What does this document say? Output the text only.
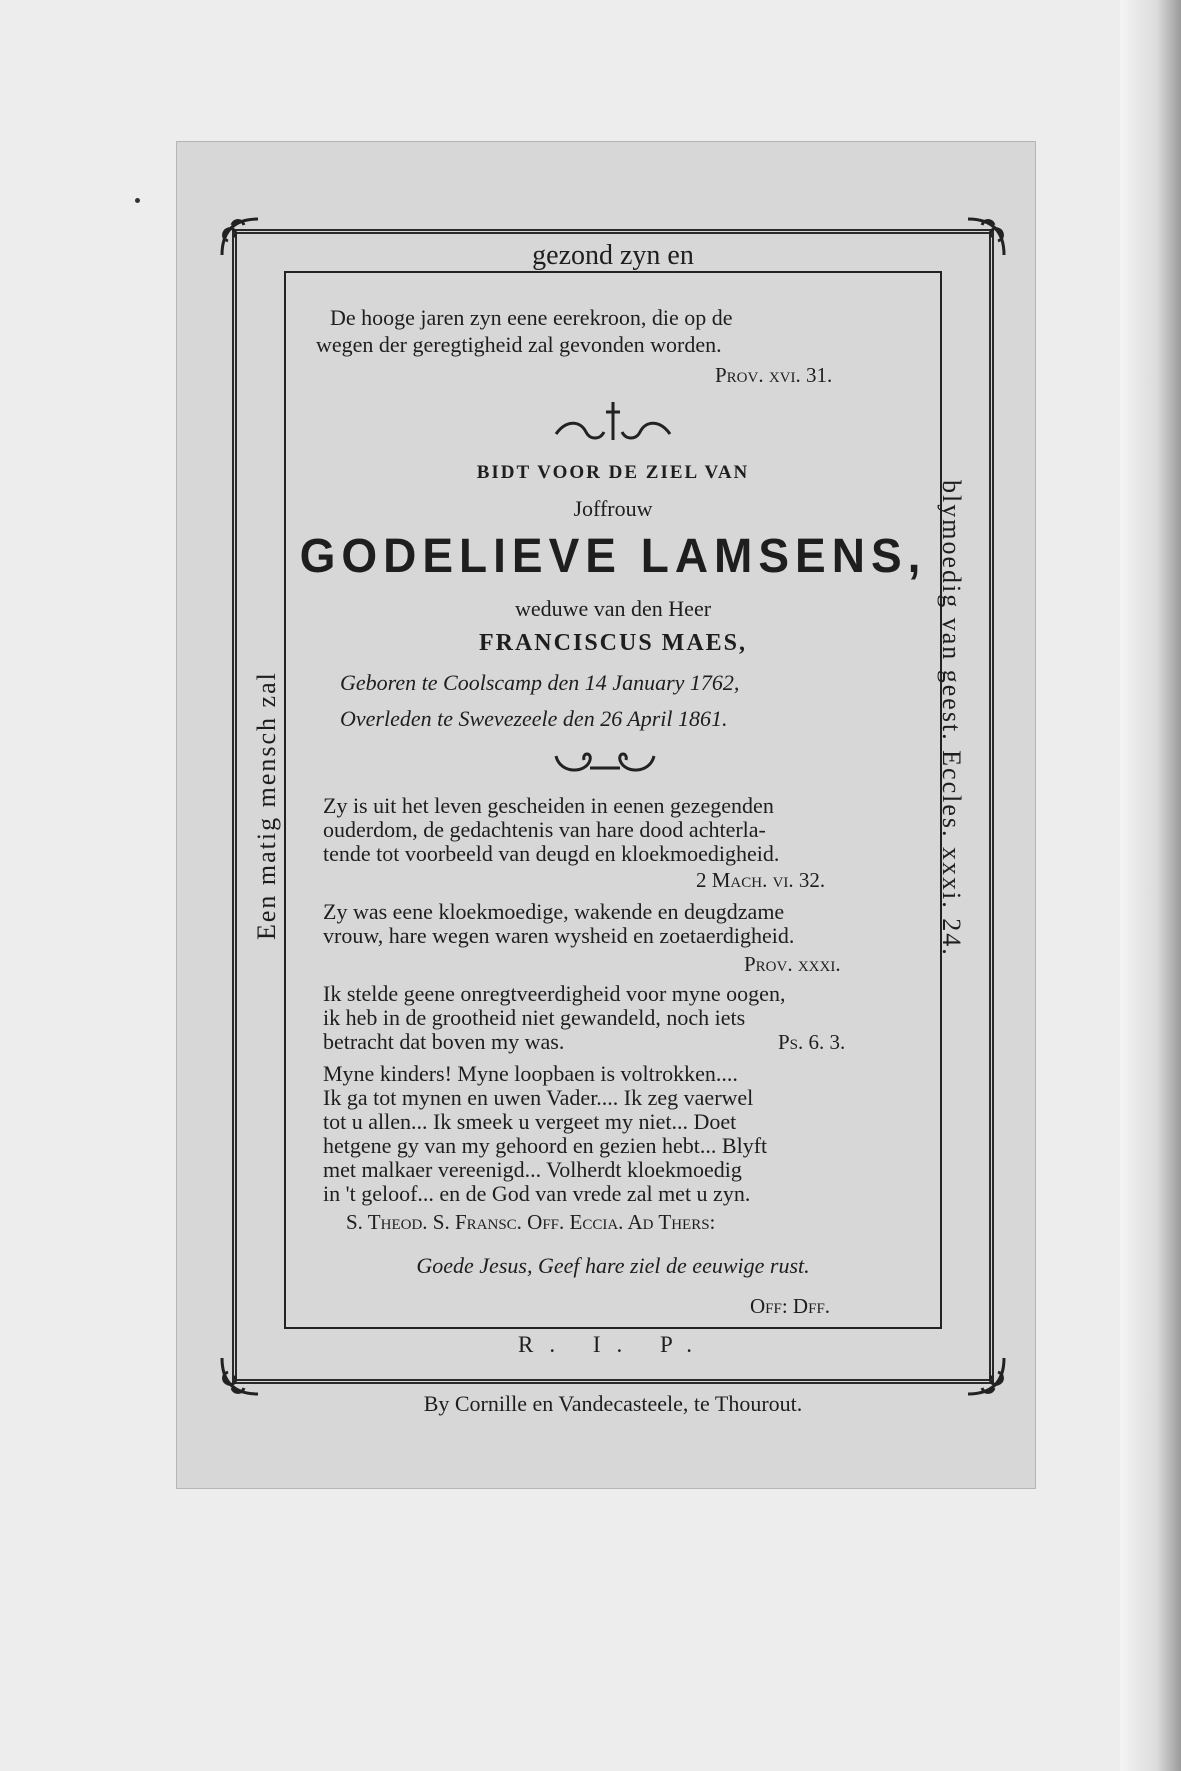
Een matig mensch zal	blymoedig van geest. Eccles. xxxi. 24.
gezond zyn en
De hooge jaren zyn eene eerekroon, die op de
wegen der geregtigheid zal gevonden worden.
Prov. xvi. 31.
BIDT VOOR DE ZIEL VAN
Joffrouw
GODELIEVE LAMSENS,
weduwe van den Heer
FRANCISCUS MAES,
Geboren te Coolscamp den 14 January 1762,
Overleden te Swevezeele den 26 April 1861.
Zy is uit het leven gescheiden in eenen gezegenden
ouderdom, de gedachtenis van hare dood achterla-
tende tot voorbeeld van deugd en kloekmoedigheid.
2 Mach. vi. 32.
Zy was eene kloekmoedige, wakende en deugdzame
vrouw, hare wegen waren wysheid en zoetaerdigheid.
Prov. xxxi.
Ik stelde geene onregtveerdigheid voor myne oogen,
ik heb in de grootheid niet gewandeld, noch iets
betracht dat boven my was.	Ps. 6. 3.
Myne kinders! Myne loopbaen is voltrokken....
Ik ga tot mynen en uwen Vader.... Ik zeg vaerwel
tot u allen... Ik smeek u vergeet my niet... Doet
hetgene gy van my gehoord en gezien hebt... Blyft
met malkaer vereenigd... Volherdt kloekmoedig
in 't geloof... en de God van vrede zal met u zyn.
S. Theod. S. Fransc. Off. Eccia. Ad Thers:
Goede Jesus, Geef hare ziel de eeuwige rust.
Off: Dff.
R. I. P.
By Cornille en Vandecasteele, te Thourout.
